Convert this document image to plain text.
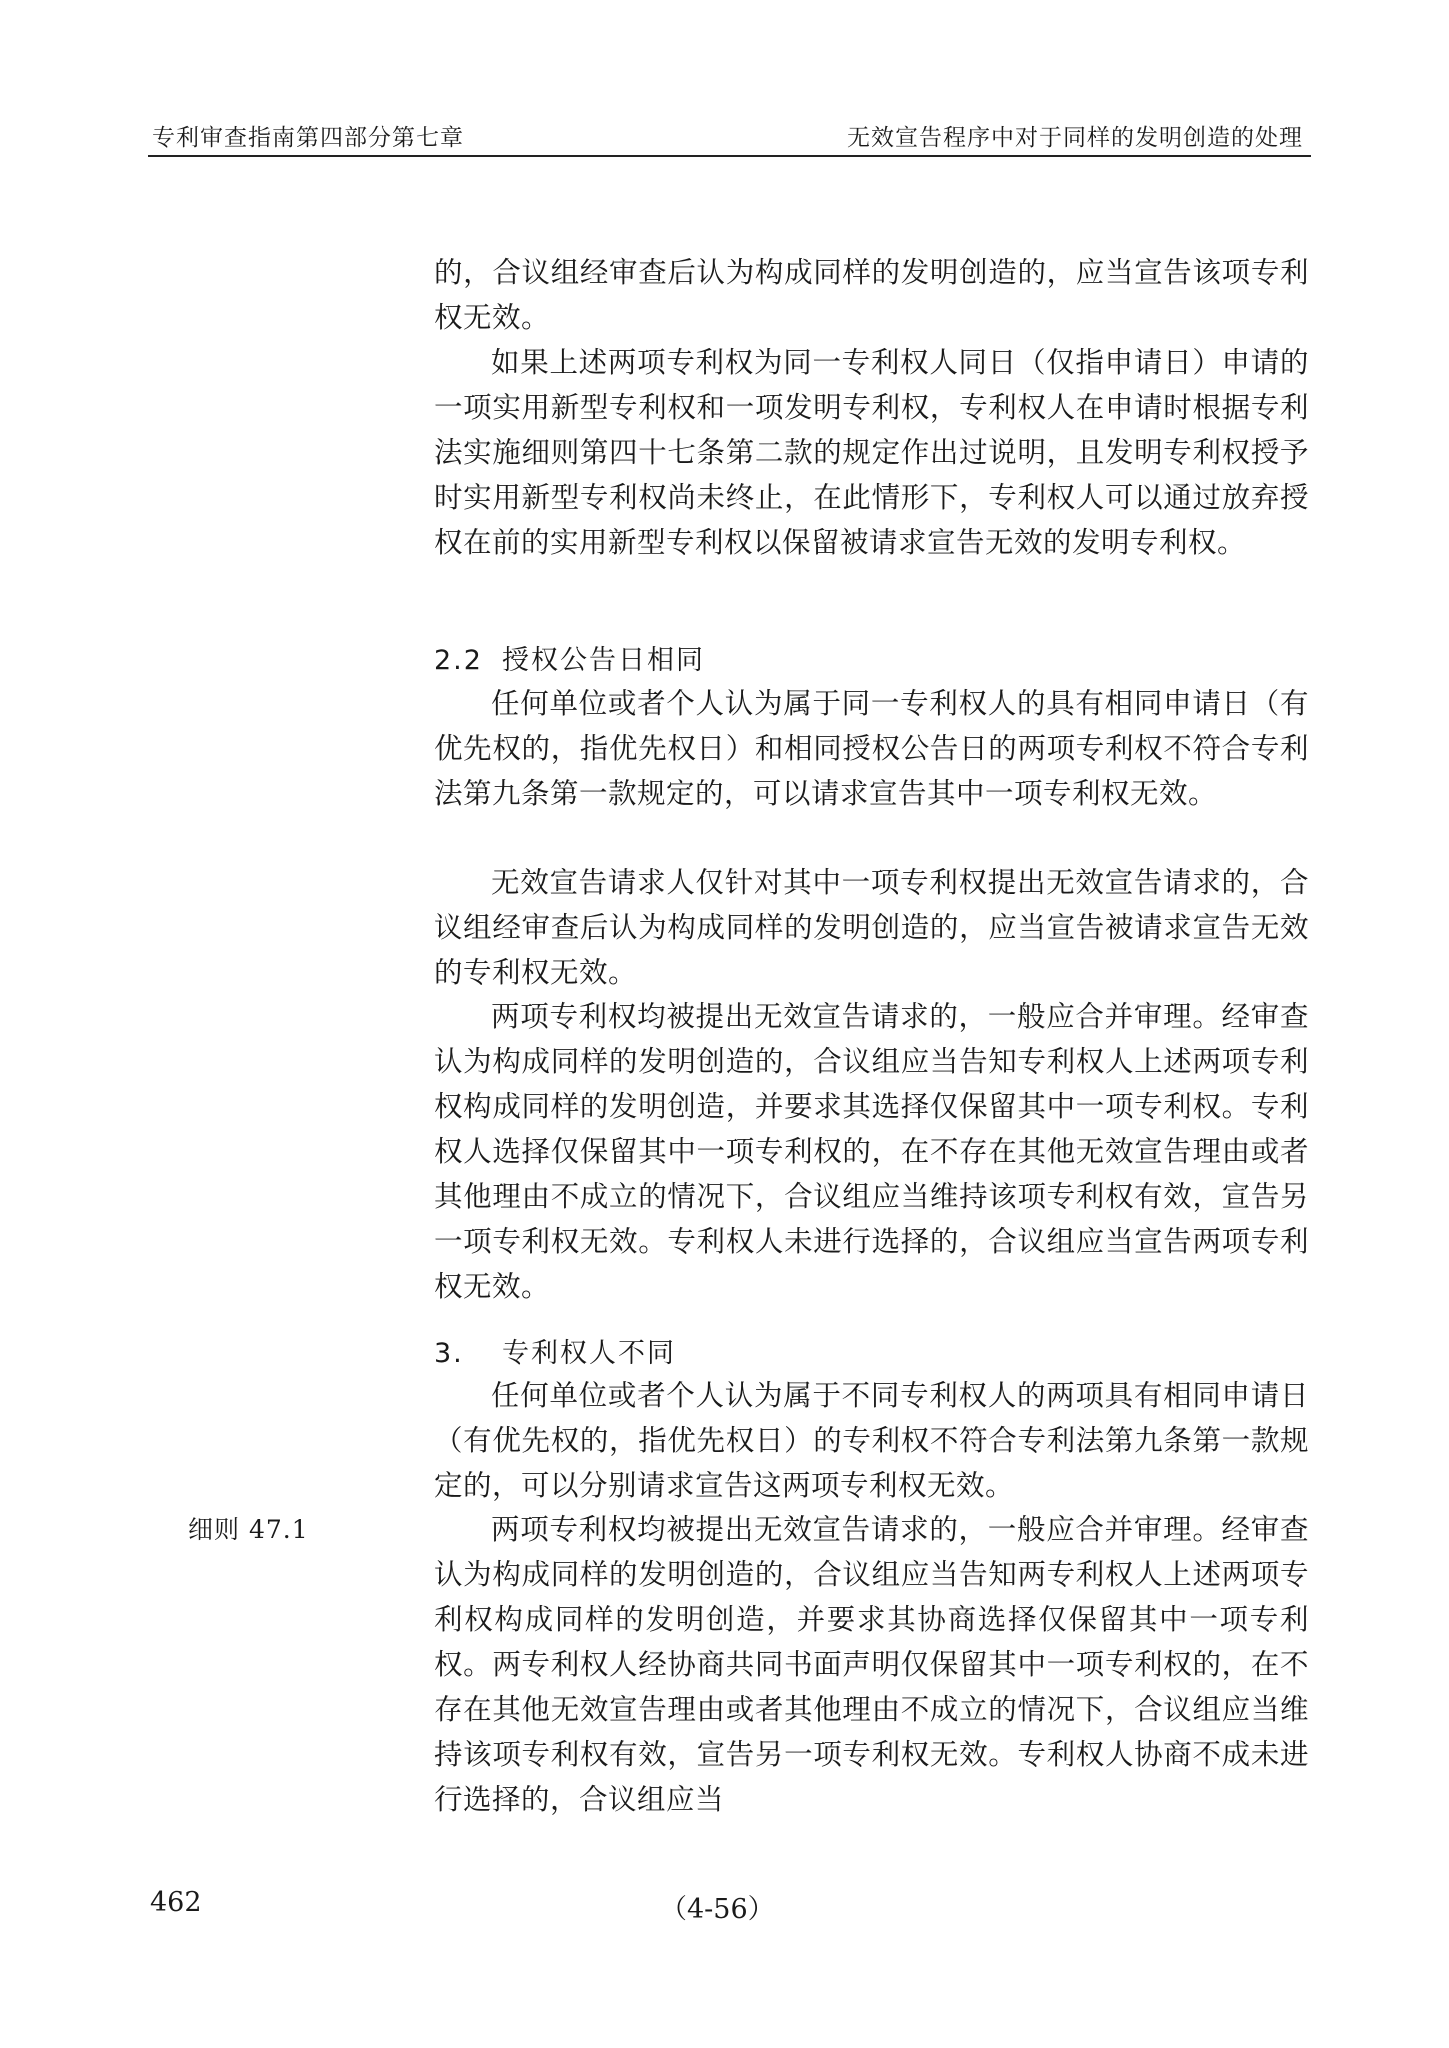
专利审查指南第四部分第七章	无效宣告程序中对于同样的发明创造的处理
的，合议组经审查后认为构成同样的发明创造的，应当宣告该项专利权无效。
如果上述两项专利权为同一专利权人同日（仅指申请日）申请的一项实用新型专利权和一项发明专利权，专利权人在申请时根据专利法实施细则第四十七条第二款的规定作出过说明，且发明专利权授予时实用新型专利权尚未终止，在此情形下，专利权人可以通过放弃授权在前的实用新型专利权以保留被请求宣告无效的发明专利权。
2.2 授权公告日相同
任何单位或者个人认为属于同一专利权人的具有相同申请日（有优先权的，指优先权日）和相同授权公告日的两项专利权不符合专利法第九条第一款规定的，可以请求宣告其中一项专利权无效。
无效宣告请求人仅针对其中一项专利权提出无效宣告请求的，合议组经审查后认为构成同样的发明创造的，应当宣告被请求宣告无效的专利权无效。
两项专利权均被提出无效宣告请求的，一般应合并审理。经审查认为构成同样的发明创造的，合议组应当告知专利权人上述两项专利权构成同样的发明创造，并要求其选择仅保留其中一项专利权。专利权人选择仅保留其中一项专利权的，在不存在其他无效宣告理由或者其他理由不成立的情况下，合议组应当维持该项专利权有效，宣告另一项专利权无效。专利权人未进行选择的，合议组应当宣告两项专利权无效。
3. 专利权人不同
任何单位或者个人认为属于不同专利权人的两项具有相同申请日（有优先权的，指优先权日）的专利权不符合专利法第九条第一款规定的，可以分别请求宣告这两项专利权无效。
两项专利权均被提出无效宣告请求的，一般应合并审理。经审查认为构成同样的发明创造的，合议组应当告知两专利权人上述两项专利权构成同样的发明创造，并要求其协商选择仅保留其中一项专利权。两专利权人经协商共同书面声明仅保留其中一项专利权的，在不存在其他无效宣告理由或者其他理由不成立的情况下，合议组应当维持该项专利权有效，宣告另一项专利权无效。专利权人协商不成未进行选择的，合议组应当
细则 47.1
462	（4-56）
